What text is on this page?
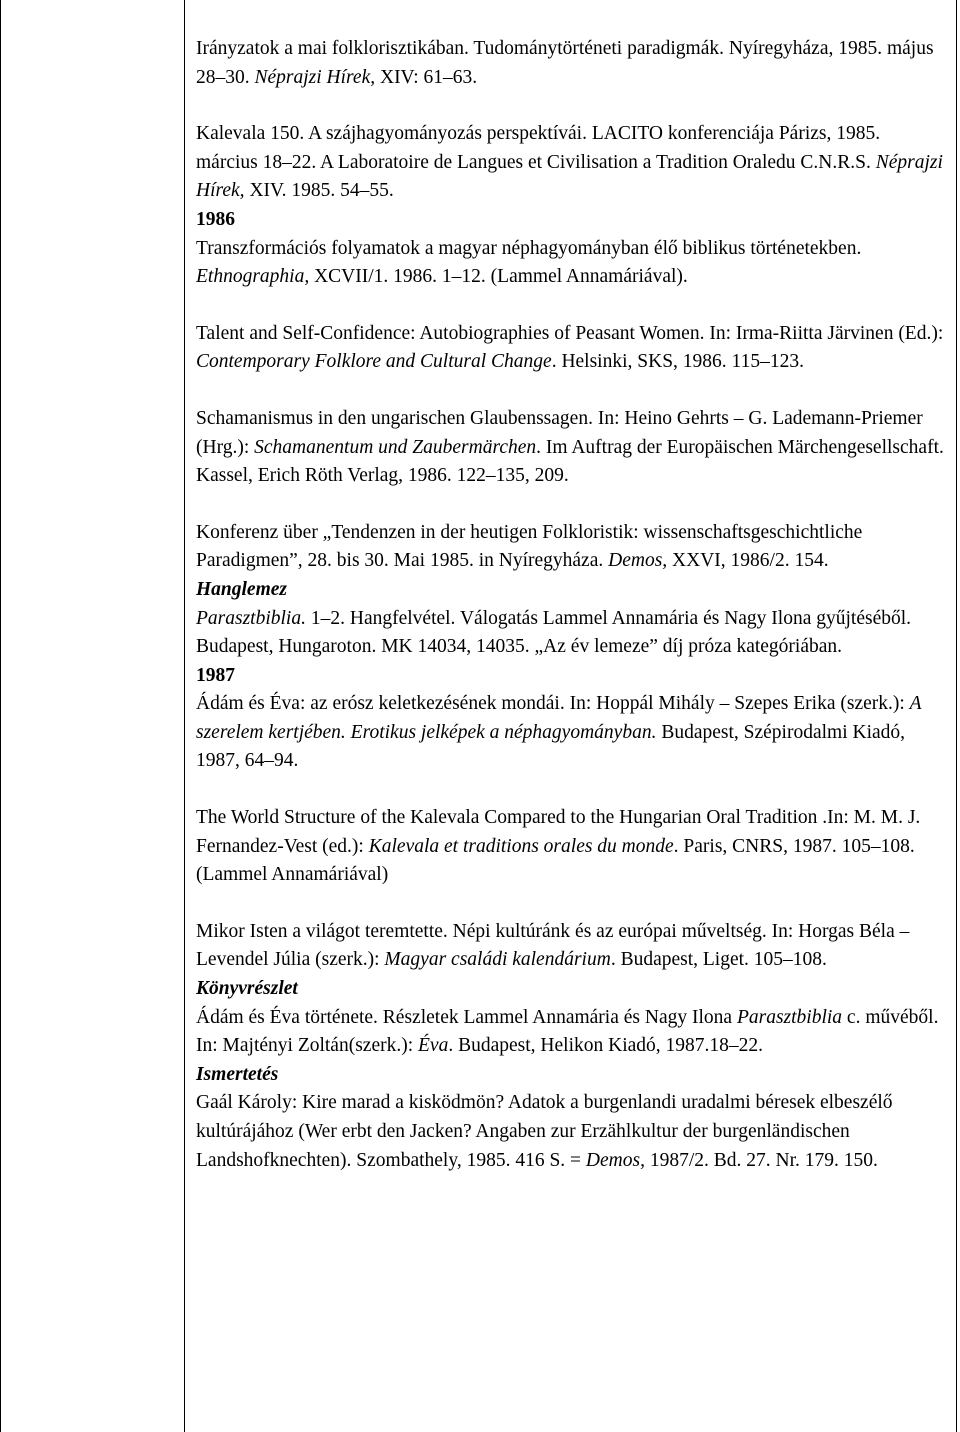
Irányzatok a mai folklorisztikában. Tudománytörténeti paradigmák. Nyíregyháza, 1985. május 28–30. Néprajzi Hírek, XIV: 61–63.

Kalevala 150. A szájhagyományozás perspektívái. LACITO konferenciája Párizs, 1985. március 18–22. A Laboratoire de Langues et Civilisation a Tradition Oraledu C.N.R.S. Néprajzi Hírek, XIV. 1985. 54–55.

1986

Transzformációs folyamatok a magyar néphagyományban élő biblikus történetekben. Ethnographia, XCVII/1. 1986. 1–12. (Lammel Annamáriával).

Talent and Self-Confidence: Autobiographies of Peasant Women. In: Irma-Riitta Järvinen (Ed.): Contemporary Folklore and Cultural Change. Helsinki, SKS, 1986. 115–123.

Schamanismus in den ungarischen Glaubenssagen. In: Heino Gehrts – G. Lademann-Priemer (Hrg.): Schamanentum und Zaubermärchen. Im Auftrag der Europäischen Märchengesellschaft. Kassel, Erich Röth Verlag, 1986. 122–135, 209.

Konferenz über „Tendenzen in der heutigen Folkloristik: wissenschaftsgeschichtliche Paradigmen”, 28. bis 30. Mai 1985. in Nyíregyháza. Demos, XXVI, 1986/2. 154.

Hanglemez

Parasztbiblia. 1–2. Hangfelvétel. Válogatás Lammel Annamária és Nagy Ilona gyűjtéséből. Budapest, Hungaroton. MK 14034, 14035. „Az év lemeze” díj próza kategóriában.

1987

Ádám és Éva: az erósz keletkezésének mondái. In: Hoppál Mihály – Szepes Erika (szerk.): A szerelem kertjében. Erotikus jelképek a néphagyományban. Budapest, Szépirodalmi Kiadó, 1987, 64–94.

The World Structure of the Kalevala Compared to the Hungarian Oral Tradition .In: M. M. J. Fernandez-Vest (ed.): Kalevala et traditions orales du monde. Paris, CNRS, 1987. 105–108. (Lammel Annamáriával)

Mikor Isten a világot teremtette. Népi kultúránk és az európai műveltség. In: Horgas Béla –Levendel Júlia (szerk.): Magyar családi kalendárium. Budapest, Liget. 105–108.

Könyvrészlet

Ádám és Éva története. Részletek Lammel Annamária és Nagy Ilona Parasztbiblia c. művéből. In: Majtényi Zoltán(szerk.): Éva. Budapest, Helikon Kiadó, 1987.18–22.

Ismertetés

Gaál Károly: Kire marad a kisködmön? Adatok a burgenlandi uradalmi béresek elbeszélő kultúrájához (Wer erbt den Jacken? Angaben zur Erzählkultur der burgenländischen Landshofknechten). Szombathely, 1985. 416 S. = Demos, 1987/2. Bd. 27. Nr. 179. 150.
